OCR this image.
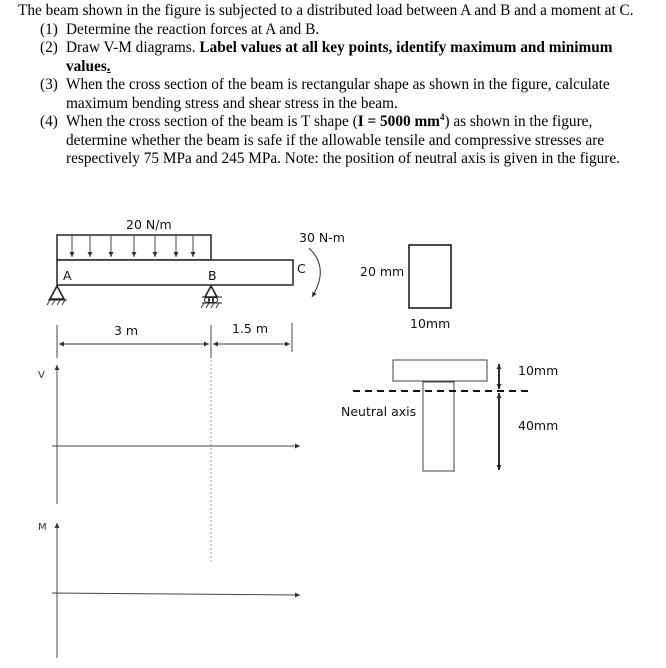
The beam shown in the figure is subjected to a distributed load between A and B and a moment at C.

(1) Determine the reaction forces at A and B.
(2) Draw V-M diagrams. Label values at all key points, identify maximum and minimum values.
(3) When the cross section of the beam is rectangular shape as shown in the figure, calculate maximum bending stress and shear stress in the beam.
(4) When the cross section of the beam is T shape (I = 5000 $mm^4$) as shown in the figure, determine whether the beam is safe if the allowable tensile and compressive stresses are respectively 75 MPa and 245 MPa. Note: the position of neutral axis is given in the figure.
20 N/m
A	B	C
30 N-m
3 m	1.5 m
20 mm
10mm
10mm
40mm
Neutral axis
V
M
